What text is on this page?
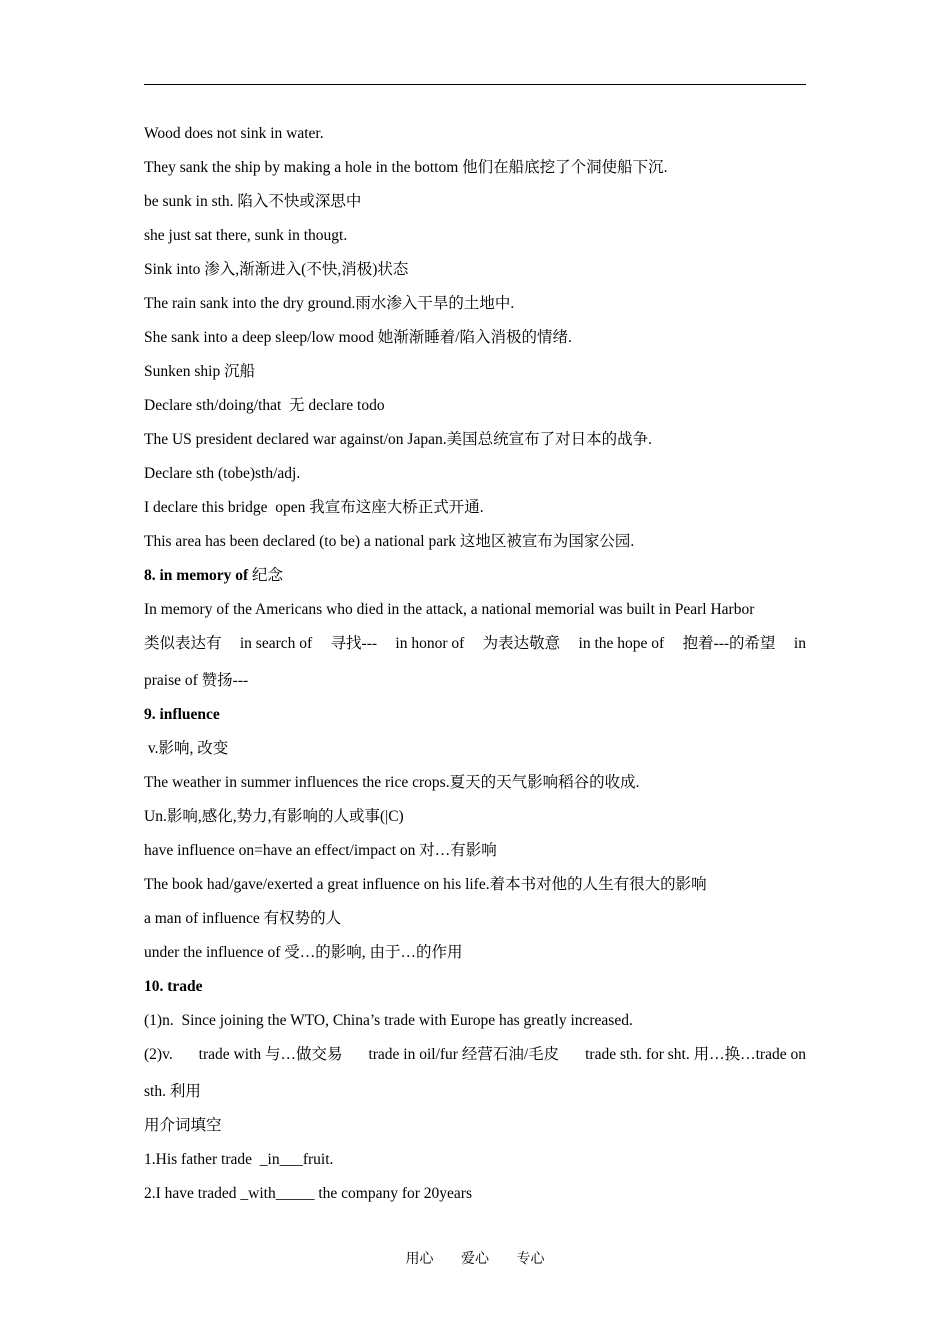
Wood does not sink in water.
They sank the ship by making a hole in the bottom 他们在船底挖了个洞使船下沉.
be sunk in sth. 陷入不快或深思中
she just sat there, sunk in thougt.
Sink into 渗入,渐渐进入(不快,消极)状态
The rain sank into the dry ground.雨水渗入干旱的土地中.
She sank into a deep sleep/low mood 她渐渐睡着/陷入消极的情绪.
Sunken ship 沉船
Declare sth/doing/that  无 declare todo
The US president declared war against/on Japan.美国总统宣布了对日本的战争.
Declare sth (tobe)sth/adj.
I declare this bridge  open 我宣布这座大桥正式开通.
This area has been declared (to be) a national park 这地区被宣布为国家公园.
8. in memory of 纪念
In memory of the Americans who died in the attack, a national memorial was built in Pearl Harbor
类似表达有 in search of 寻找--- in honor of 为表达敬意 in the hope of 抱着---的希望 in
praise of 赞扬---
9. influence
v.影响, 改变
The weather in summer influences the rice crops.夏天的天气影响稻谷的收成.
Un.影响,感化,势力,有影响的人或事(|C)
have influence on=have an effect/impact on 对…有影响
The book had/gave/exerted a great influence on his life.着本书对他的人生有很大的影响
a man of influence 有权势的人
under the influence of 受…的影响, 由于…的作用
10. trade
(1)n.  Since joining the WTO, China’s trade with Europe has greatly increased.
(2)v. trade with 与…做交易 trade in oil/fur 经营石油/毛皮 trade sth. for sht. 用…换…trade on
sth. 利用
用介词填空
1.His father trade  _in___fruit.
2.I have traded _with_____ the company for 20years
用心 爱心 专心
